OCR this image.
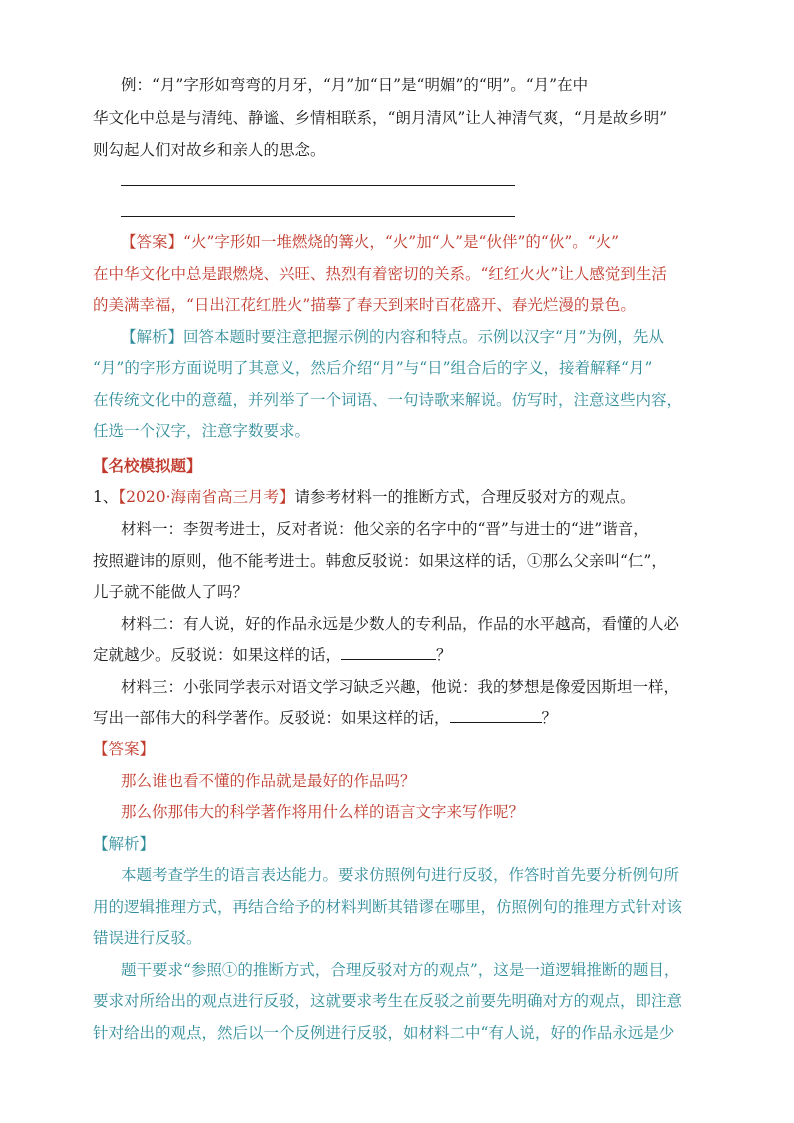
例：“月”字形如弯弯的月牙，“月”加“日”是“明媚”的“明”。“月”在中
华文化中总是与清纯、静谧、乡情相联系，“朗月清风”让人神清气爽，“月是故乡明”
则勾起人们对故乡和亲人的思念。
【答案】“火”字形如一堆燃烧的篝火，“火”加“人”是“伙伴”的“伙”。“火”
在中华文化中总是跟燃烧、兴旺、热烈有着密切的关系。“红红火火”让人感觉到生活
的美满幸福，“日出江花红胜火”描摹了春天到来时百花盛开、春光烂漫的景色。
【解析】回答本题时要注意把握示例的内容和特点。示例以汉字“月”为例，先从
“月”的字形方面说明了其意义，然后介绍“月”与“日”组合后的字义，接着解释“月”
在传统文化中的意蕴，并列举了一个词语、一句诗歌来解说。仿写时，注意这些内容，
任选一个汉字，注意字数要求。
【名校模拟题】
1、【2020·海南省高三月考】请参考材料一的推断方式，合理反驳对方的观点。
材料一：李贺考进士，反对者说：他父亲的名字中的“晋”与进士的“进”谐音，
按照避讳的原则，他不能考进士。韩愈反驳说：如果这样的话，①那么父亲叫“仁”，
儿子就不能做人了吗？
材料二：有人说，好的作品永远是少数人的专利品，作品的水平越高，看懂的人必
定就越少。反驳说：如果这样的话，	？
材料三：小张同学表示对语文学习缺乏兴趣，他说：我的梦想是像爱因斯坦一样，
写出一部伟大的科学著作。反驳说：如果这样的话，	？
【答案】
那么谁也看不懂的作品就是最好的作品吗？
那么你那伟大的科学著作将用什么样的语言文字来写作呢？
【解析】
本题考查学生的语言表达能力。要求仿照例句进行反驳，作答时首先要分析例句所
用的逻辑推理方式，再结合给予的材料判断其错谬在哪里，仿照例句的推理方式针对该
错误进行反驳。
题干要求“参照①的推断方式，合理反驳对方的观点”，这是一道逻辑推断的题目，
要求对所给出的观点进行反驳，这就要求考生在反驳之前要先明确对方的观点，即注意
针对给出的观点，然后以一个反例进行反驳，如材料二中“有人说，好的作品永远是少
